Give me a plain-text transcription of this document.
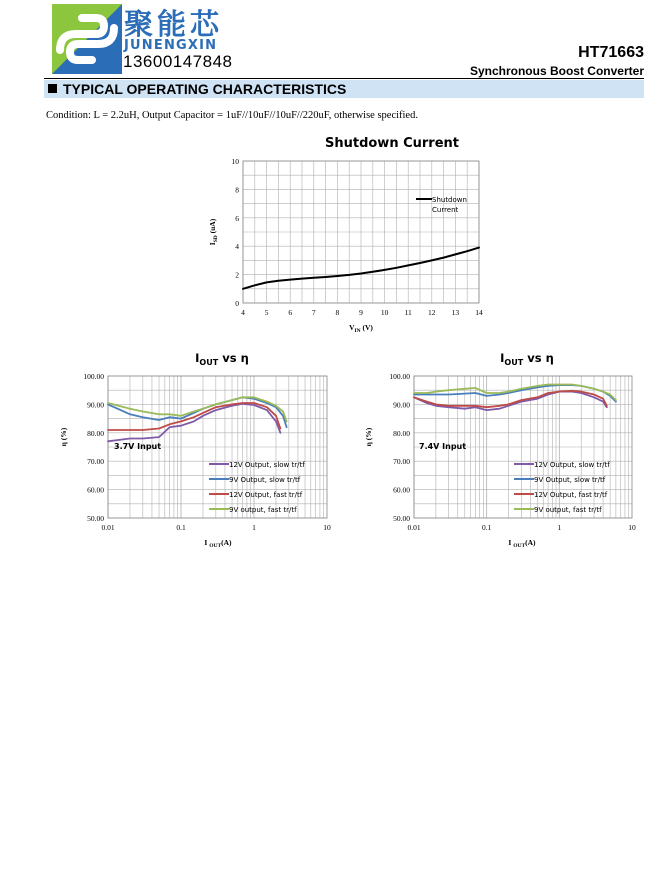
聚能芯
JUNENGXIN
13600147848	HT71663
Synchronous Boost Converter
TYPICAL OPERATING CHARACTERISTICS
Condition: L = 2.2uH, Output Capacitor = 1uF//10uF//10uF//220uF, otherwise specified.
Shutdown Current
0
2
4
6
8
10
4	5	6	7	8	9 10 11 12 13 14
$V_{IN}$ (V)
$I_{SD}$ (uA)
Shutdown
Current
$I_{OUT}$ vs η
50.00
60.00
70.00
80.00
90.00
100.00
0.01	0.1	1	10
I $_{OUT}$(A)
η (%)
12V Output, slow tr/tf
9V Output, slow tr/tf
12V Output, fast tr/tf
9V output, fast tr/tf
3.7V Input
$I_{OUT}$ vs η
50.00
60.00
70.00
80.00
90.00
100.00
0.01	0.1	1	10
I $_{OUT}$(A)
η (%)
12V Output, slow tr/tf
9V Output, slow tr/tf
12V Output, fast tr/tf
9V output, fast tr/tf
7.4V Input
